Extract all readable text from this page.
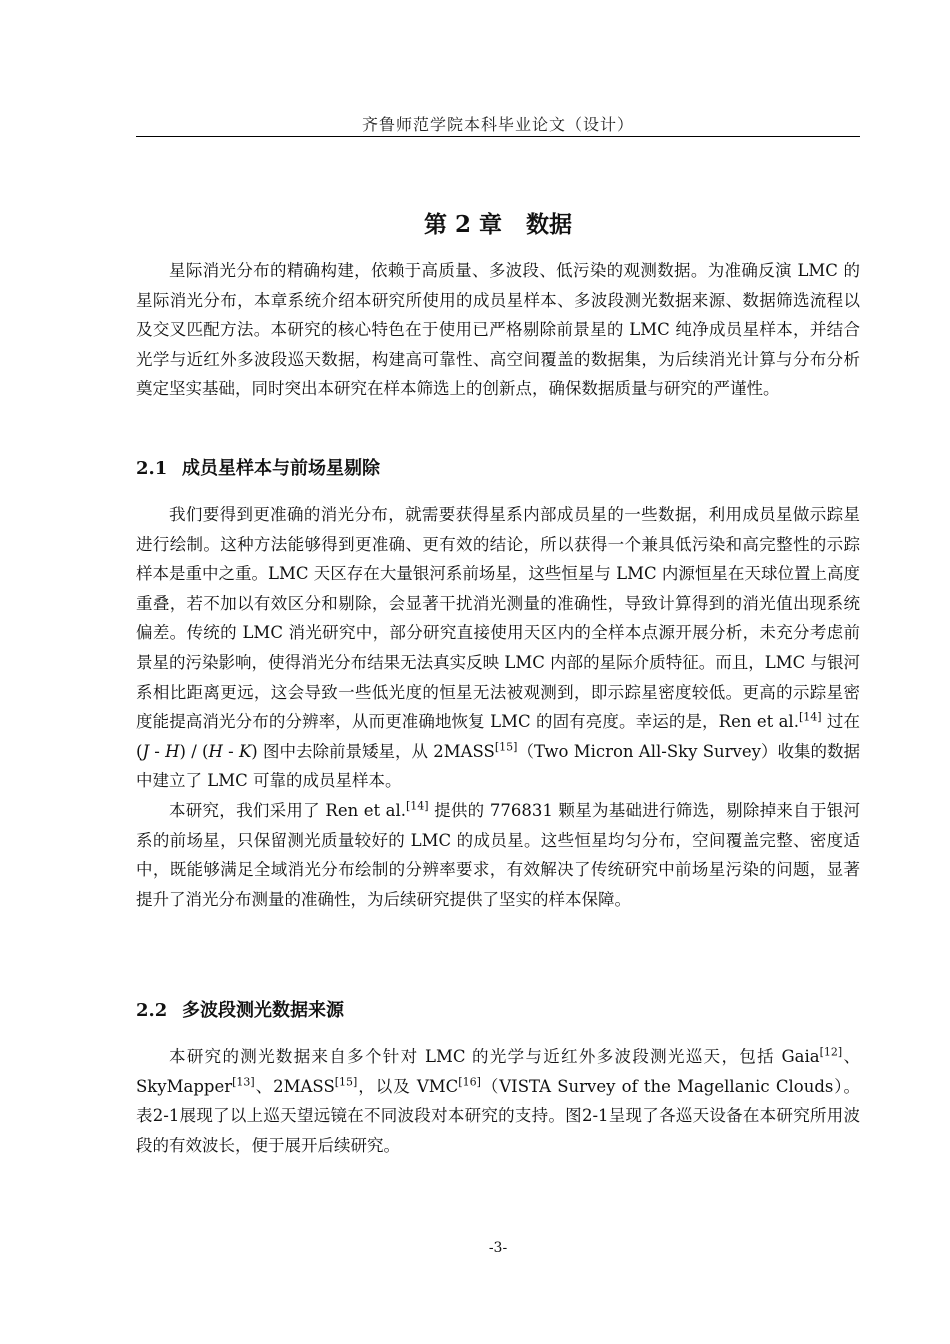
齐鲁师范学院本科毕业论文（设计）
第 2 章 数据

星际消光分布的精确构建，依赖于高质量、多波段、低污染的观测数据。为准确反演 LMC 的星际消光分布，本章系统介绍本研究所使用的成员星样本、多波段测光数据来源、数据筛选流程以及交叉匹配方法。本研究的核心特色在于使用已严格剔除前景星的 LMC 纯净成员星样本，并结合光学与近红外多波段巡天数据，构建高可靠性、高空间覆盖的数据集，为后续消光计算与分布分析奠定坚实基础，同时突出本研究在样本筛选上的创新点，确保数据质量与研究的严谨性。

2.1 成员星样本与前场星剔除

我们要得到更准确的消光分布，就需要获得星系内部成员星的一些数据，利用成员星做示踪星进行绘制。这种方法能够得到更准确、更有效的结论，所以获得一个兼具低污染和高完整性的示踪样本是重中之重。LMC 天区存在大量银河系前场星，这些恒星与 LMC 内源恒星在天球位置上高度重叠，若不加以有效区分和剔除，会显著干扰消光测量的准确性，导致计算得到的消光值出现系统偏差。传统的 LMC 消光研究中，部分研究直接使用天区内的全样本点源开展分析，未充分考虑前景星的污染影响，使得消光分布结果无法真实反映 LMC 内部的星际介质特征。而且，LMC 与银河系相比距离更远，这会导致一些低光度的恒星无法被观测到，即示踪星密度较低。更高的示踪星密度能提高消光分布的分辨率，从而更准确地恢复 LMC 的固有亮度。幸运的是，Ren et al.[14] 过在 (J - H) / (H - K) 图中去除前景矮星，从 2MASS[15]（Two Micron All-Sky Survey）收集的数据中建立了 LMC 可靠的成员星样本。

本研究，我们采用了 Ren et al.[14] 提供的 776831 颗星为基础进行筛选，剔除掉来自于银河系的前场星，只保留测光质量较好的 LMC 的成员星。这些恒星均匀分布，空间覆盖完整、密度适中，既能够满足全域消光分布绘制的分辨率要求，有效解决了传统研究中前场星污染的问题，显著提升了消光分布测量的准确性，为后续研究提供了坚实的样本保障。

2.2 多波段测光数据来源

本研究的测光数据来自多个针对 LMC 的光学与近红外多波段测光巡天，包括 Gaia[12]、SkyMapper[13]、2MASS[15]，以及 VMC[16]（VISTA Survey of the Magellanic Clouds）。表2-1展现了以上巡天望远镜在不同波段对本研究的支持。图2-1呈现了各巡天设备在本研究所用波段的有效波长，便于展开后续研究。

-3-
